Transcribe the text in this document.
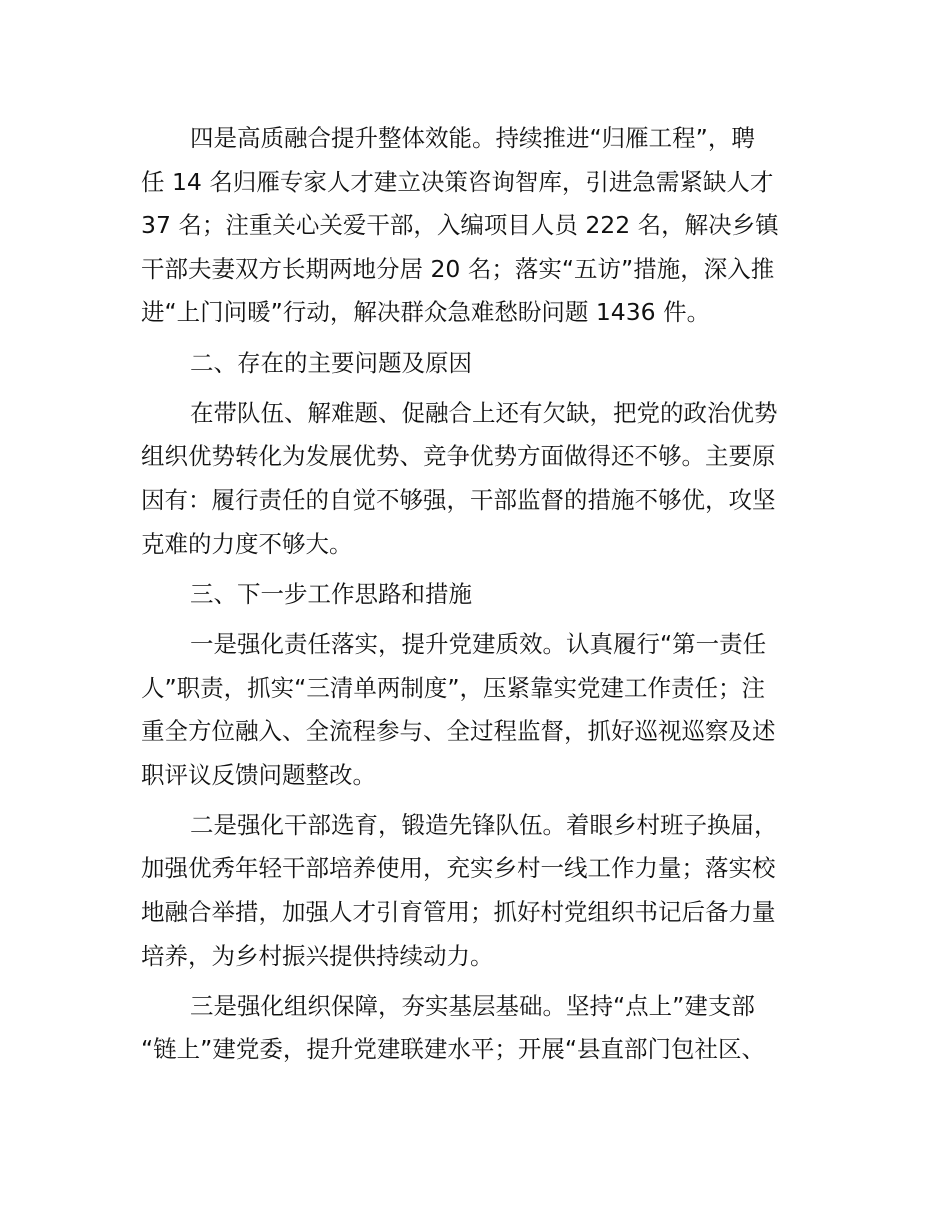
四是高质融合提升整体效能。持续推进“归雁工程”，聘
任 14 名归雁专家人才建立决策咨询智库，引进急需紧缺人才
37 名；注重关心关爱干部，入编项目人员 222 名，解决乡镇
干部夫妻双方长期两地分居 20 名；落实“五访”措施，深入推
进“上门问暖”行动，解决群众急难愁盼问题 1436 件。
二、存在的主要问题及原因
在带队伍、解难题、促融合上还有欠缺，把党的政治优势
组织优势转化为发展优势、竞争优势方面做得还不够。主要原
因有：履行责任的自觉不够强，干部监督的措施不够优，攻坚
克难的力度不够大。
三、下一步工作思路和措施
一是强化责任落实，提升党建质效。认真履行“第一责任
人”职责，抓实“三清单两制度”，压紧靠实党建工作责任；注
重全方位融入、全流程参与、全过程监督，抓好巡视巡察及述
职评议反馈问题整改。
二是强化干部选育，锻造先锋队伍。着眼乡村班子换届，
加强优秀年轻干部培养使用，充实乡村一线工作力量；落实校
地融合举措，加强人才引育管用；抓好村党组织书记后备力量
培养，为乡村振兴提供持续动力。
三是强化组织保障，夯实基层基础。坚持“点上”建支部
“链上”建党委，提升党建联建水平；开展“县直部门包社区、
